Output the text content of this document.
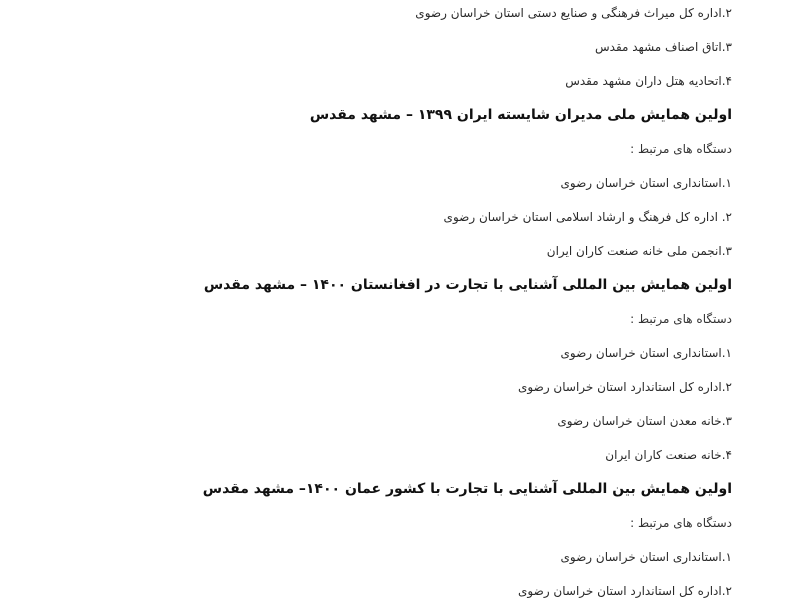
۲.اداره کل میراث فرهنگی و صنایع دستی استان خراسان رضوی
۳.اتاق اصناف مشهد مقدس
۴.اتحادیه هتل داران مشهد مقدس
اولین همایش ملی مدیران شایسته ایران ۱۳۹۹ – مشهد مقدس
دستگاه های مرتبط :
۱.استانداری استان خراسان رضوی
۲. اداره کل فرهنگ و ارشاد اسلامی استان خراسان رضوی
۳.انجمن ملی خانه صنعت کاران ایران
اولین همایش بین المللی آشنایی با تجارت در افغانستان ۱۴۰۰ – مشهد مقدس
دستگاه های مرتبط :
۱.استانداری استان خراسان رضوی
۲.اداره کل استاندارد استان خراسان رضوی
۳.خانه معدن استان خراسان رضوی
۴.خانه صنعت کاران ایران
اولین همایش بین المللی آشنایی با تجارت با کشور عمان ۱۴۰۰– مشهد مقدس
دستگاه های مرتبط :
۱.استانداری استان خراسان رضوی
۲.اداره کل استاندارد استان خراسان رضوی
